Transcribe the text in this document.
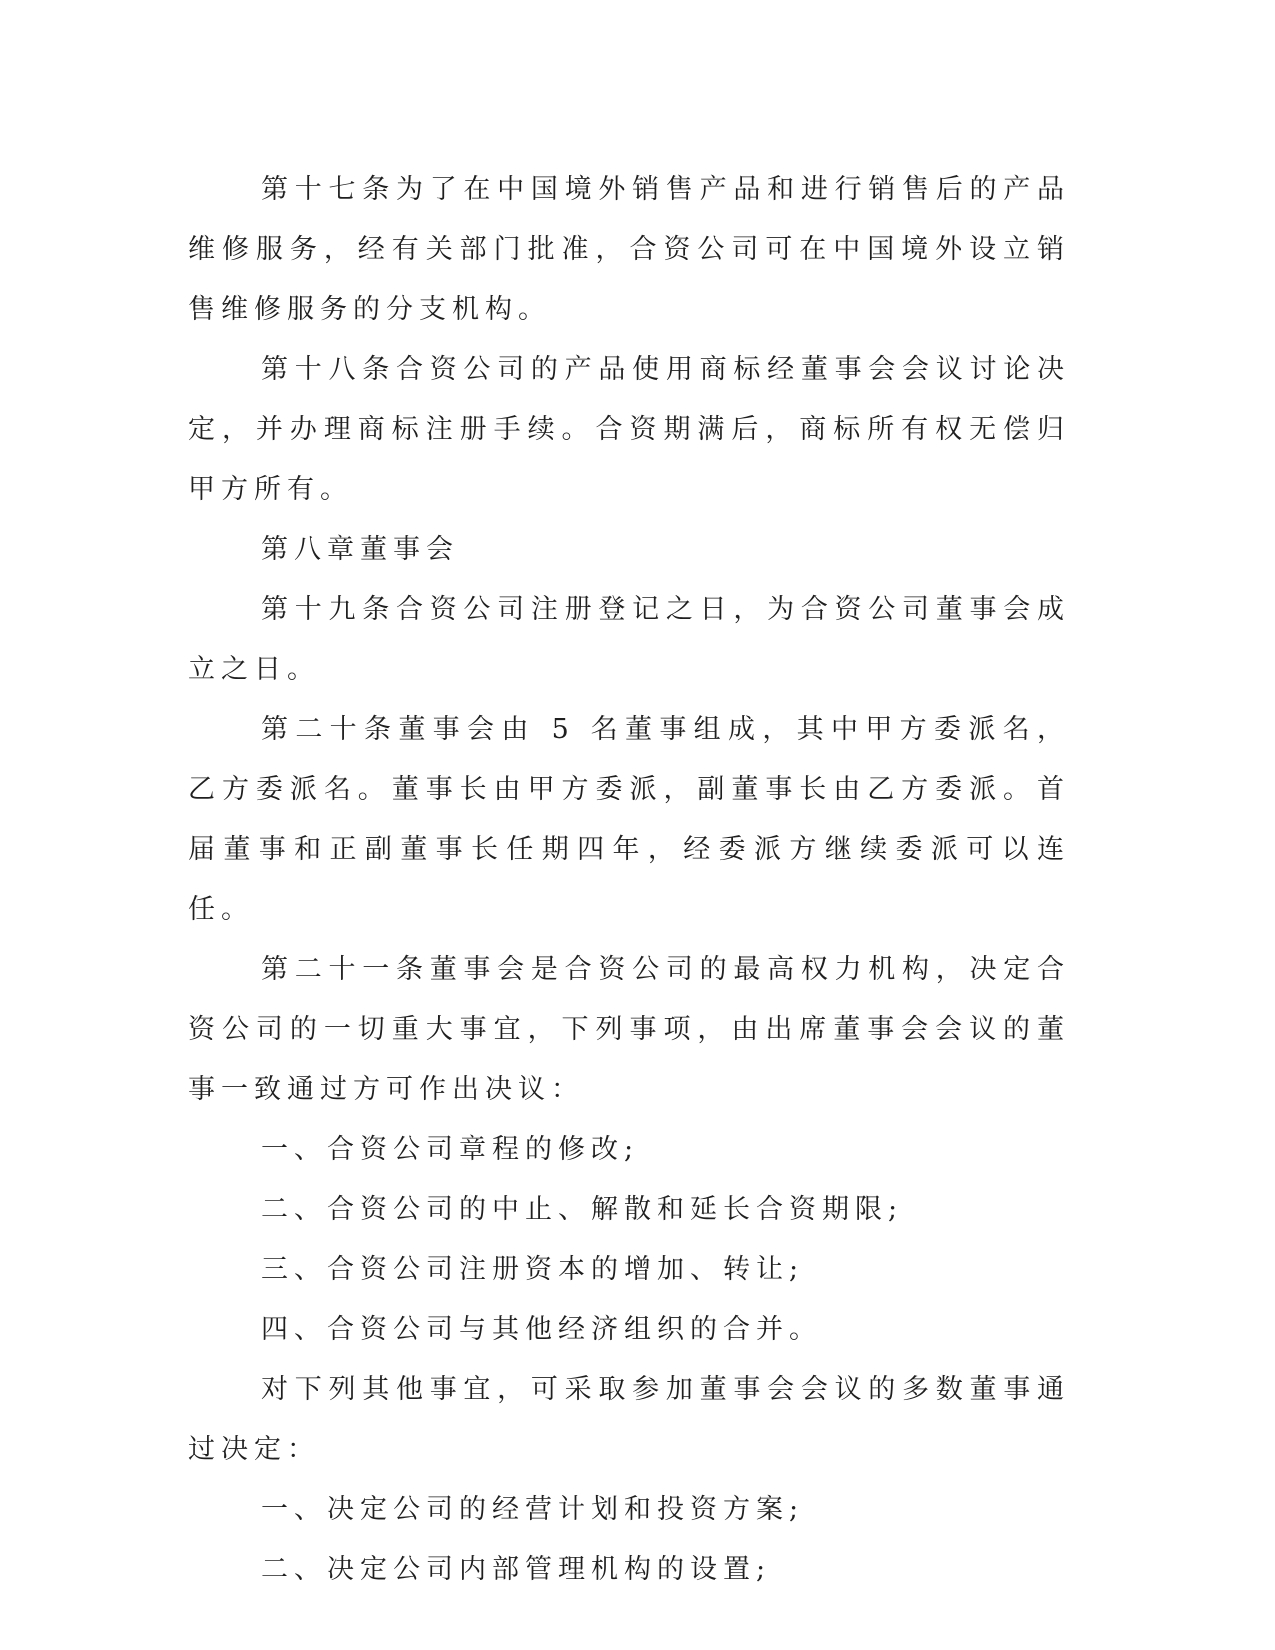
第十七条为了在中国境外销售产品和进行销售后的产品维修服务，经有关部门批准，合资公司可在中国境外设立销售维修服务的分支机构。

第十八条合资公司的产品使用商标经董事会会议讨论决定，并办理商标注册手续。合资期满后，商标所有权无偿归甲方所有。

第八章董事会

第十九条合资公司注册登记之日，为合资公司董事会成立之日。

第二十条董事会由 5 名董事组成，其中甲方委派名，乙方委派名。董事长由甲方委派，副董事长由乙方委派。首届董事和正副董事长任期四年，经委派方继续委派可以连任。

第二十一条董事会是合资公司的最高权力机构，决定合资公司的一切重大事宜，下列事项，由出席董事会会议的董事一致通过方可作出决议：

一、合资公司章程的修改;

二、合资公司的中止、解散和延长合资期限;

三、合资公司注册资本的增加、转让;

四、合资公司与其他经济组织的合并。

对下列其他事宜，可采取参加董事会会议的多数董事通过决定：

一、决定公司的经营计划和投资方案;

二、决定公司内部管理机构的设置;
